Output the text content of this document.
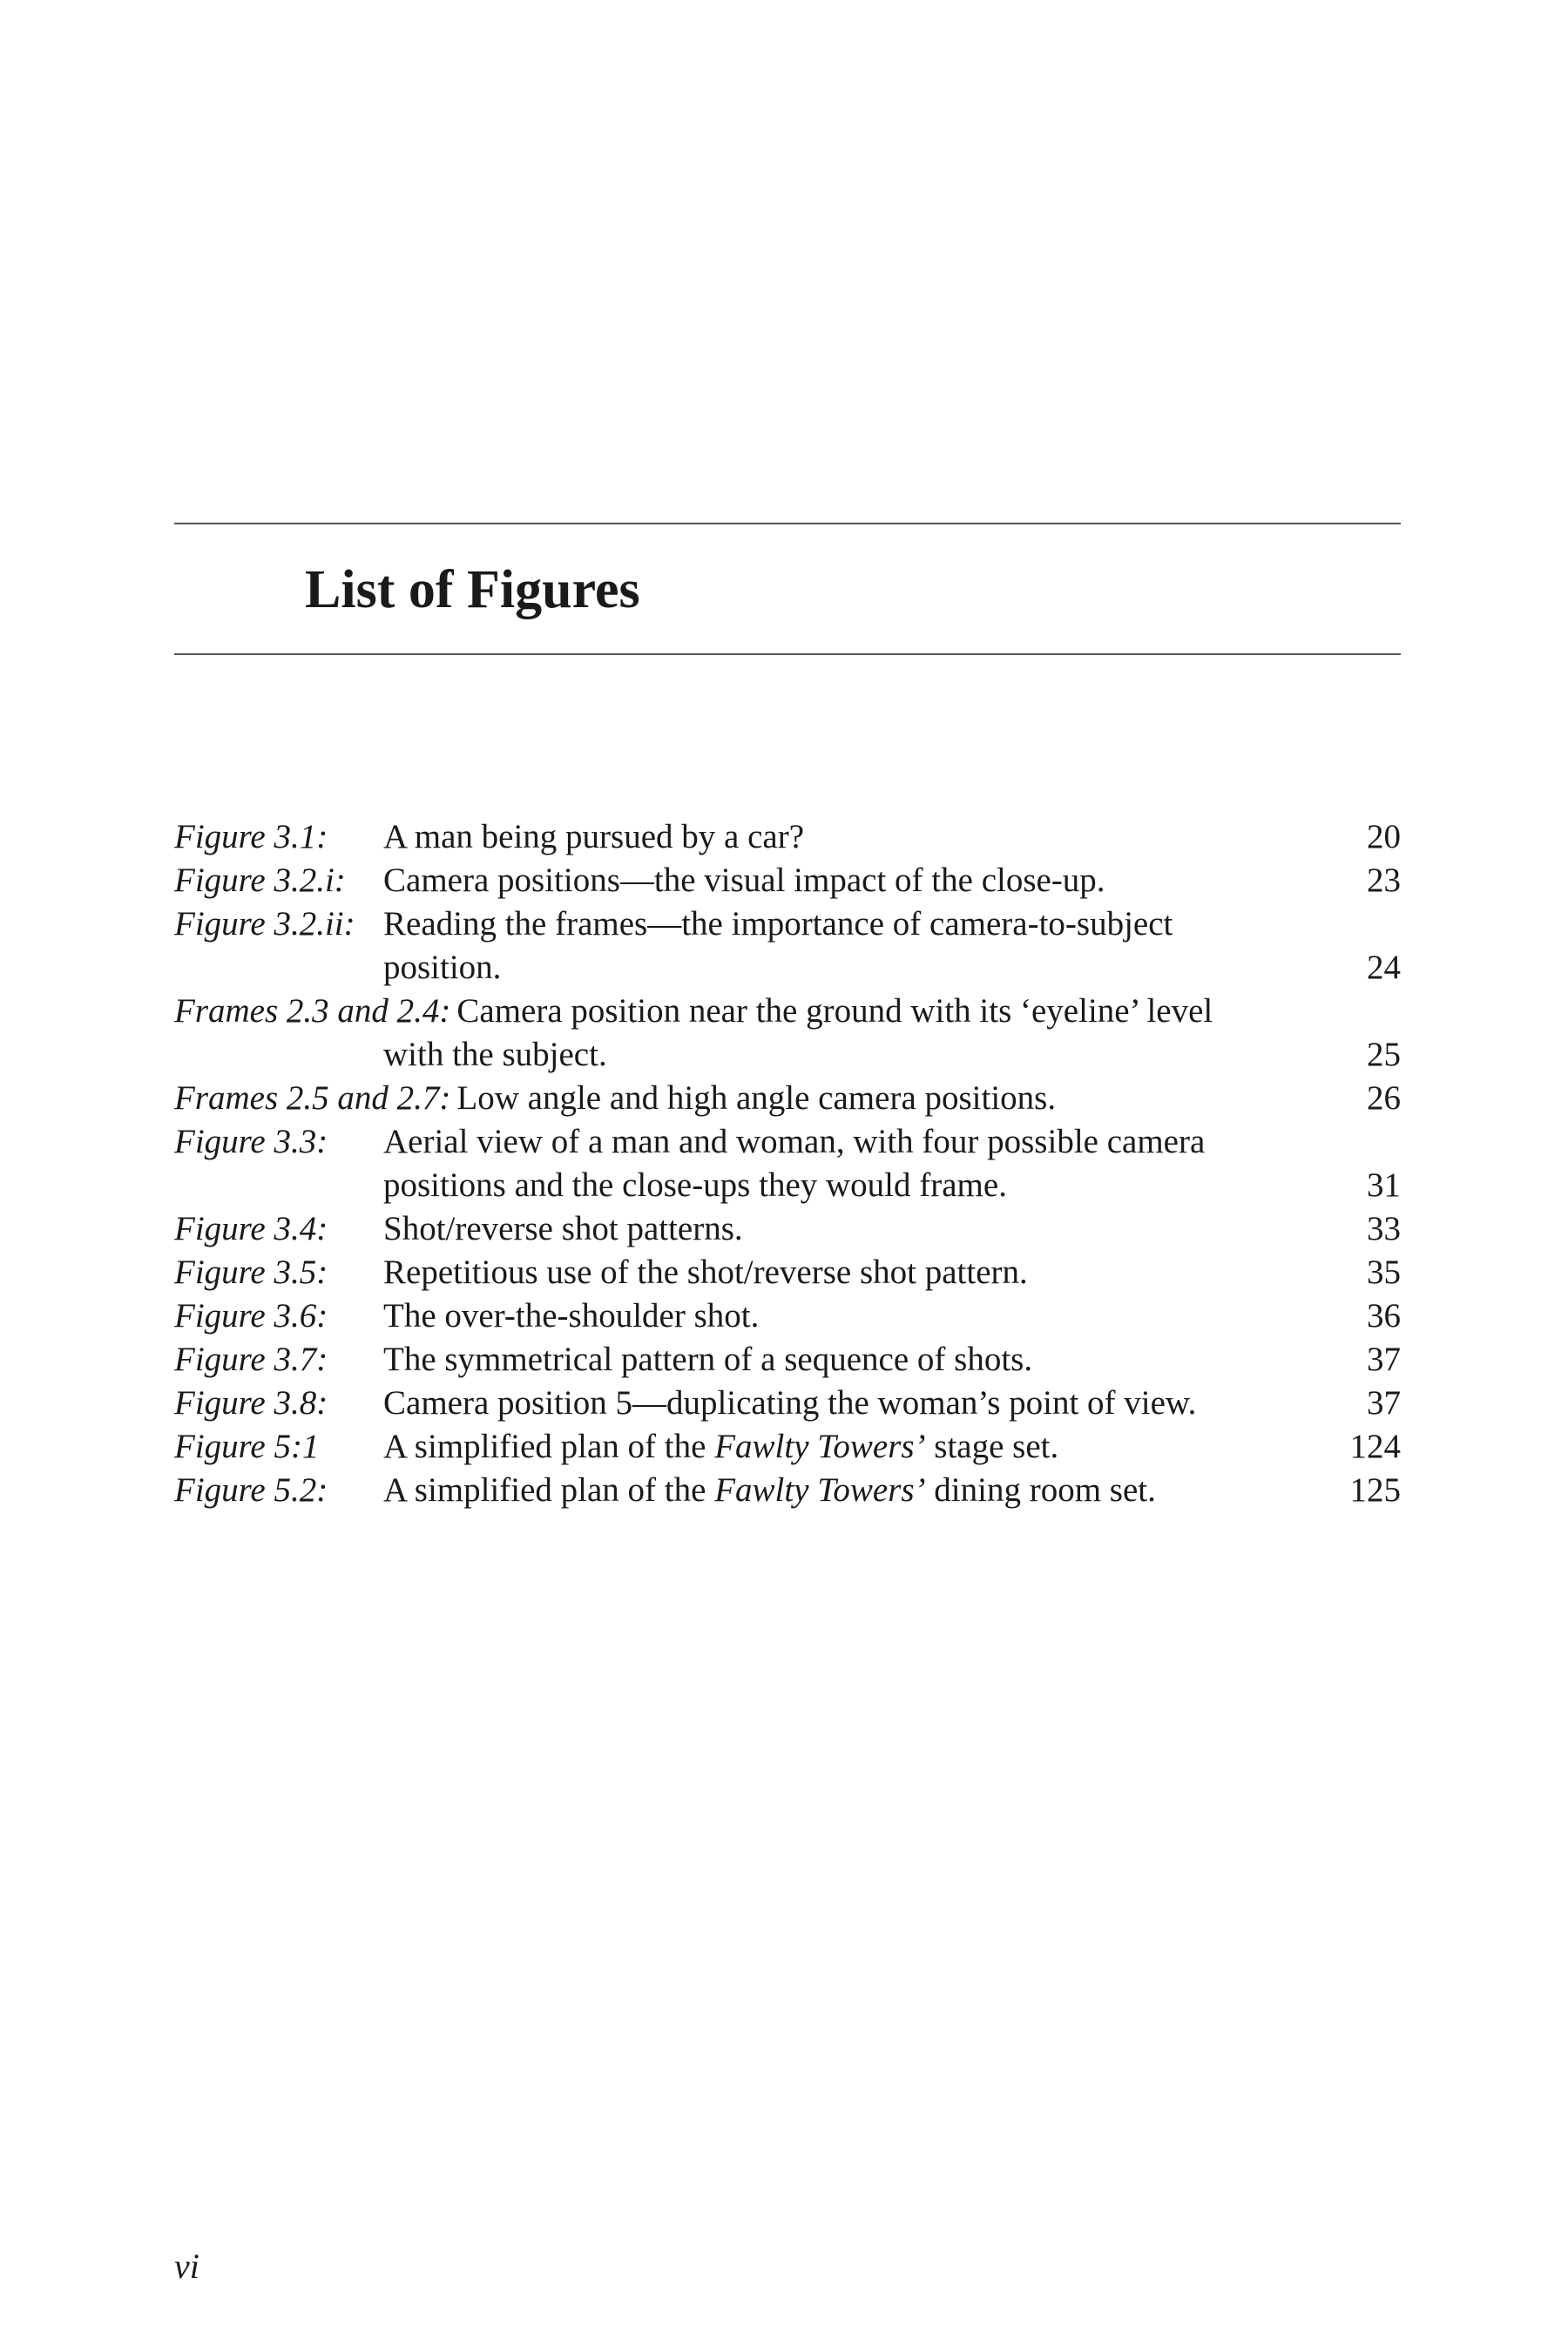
List of Figures
Figure 3.1: A man being pursued by a car?	20
Figure 3.2.i: Camera positions—the visual impact of the close-up.	23
Figure 3.2.ii: Reading the frames—the importance of camera-to-subject
position.	24
Frames 2.3 and 2.4: Camera position near the ground with its ‘eyeline’ level
with the subject.	25
Frames 2.5 and 2.7: Low angle and high angle camera positions.	26
Figure 3.3: Aerial view of a man and woman, with four possible camera
positions and the close-ups they would frame.	31
Figure 3.4: Shot/reverse shot patterns.	33
Figure 3.5: Repetitious use of the shot/reverse shot pattern.	35
Figure 3.6: The over-the-shoulder shot.	36
Figure 3.7: The symmetrical pattern of a sequence of shots.	37
Figure 3.8: Camera position 5—duplicating the woman’s point of view.	37
Figure 5:1 A simplified plan of the Fawlty Towers’ stage set.	124
Figure 5.2: A simplified plan of the Fawlty Towers’ dining room set.	125
vi
